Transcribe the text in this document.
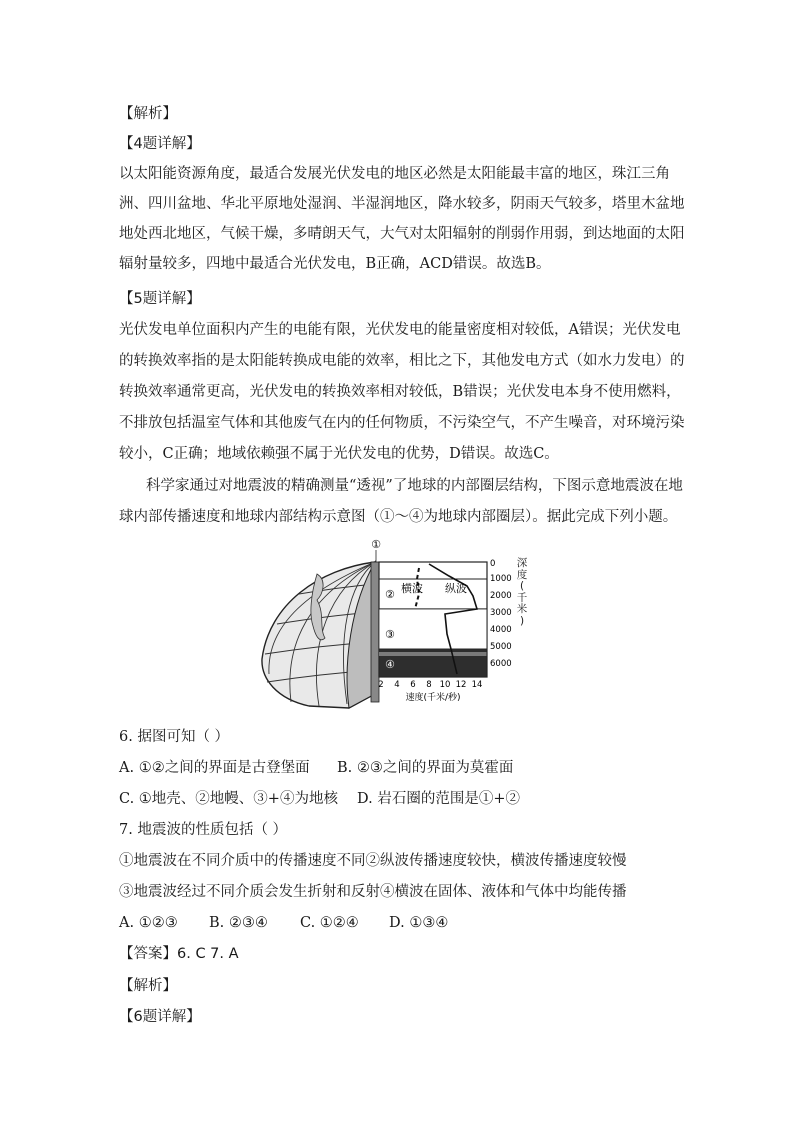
【解析】
【4题详解】
以太阳能资源角度，最适合发展光伏发电的地区必然是太阳能最丰富的地区，珠江三角
洲、四川盆地、华北平原地处湿润、半湿润地区，降水较多，阴雨天气较多，塔里木盆地
地处西北地区，气候干燥，多晴朗天气，大气对太阳辐射的削弱作用弱，到达地面的太阳
辐射量较多，四地中最适合光伏发电，B正确，ACD错误。故选B。
【5题详解】
光伏发电单位面积内产生的电能有限，光伏发电的能量密度相对较低，A错误；光伏发电
的转换效率指的是太阳能转换成电能的效率，相比之下，其他发电方式（如水力发电）的
转换效率通常更高，光伏发电的转换效率相对较低，B错误；光伏发电本身不使用燃料，
不排放包括温室气体和其他废气在内的任何物质，不污染空气，不产生噪音，对环境污染
较小，C正确；地域依赖强不属于光伏发电的优势，D错误。故选C。
科学家通过对地震波的精确测量“透视”了地球的内部圈层结构，下图示意地震波在地
球内部传播速度和地球内部结构示意图（①～④为地球内部圈层）。据此完成下列小题。
①
②
③
④
横波 纵波
0
1000
2000
3000
4000
5000
6000
2 4 6 8 10 12 14
速度(千米/秒)
深
度
(
千
米
)
6. 据图可知（ ）
A. ①②之间的界面是古登堡面 B. ②③之间的界面为莫霍面
C. ①地壳、②地幔、③+④为地核 D. 岩石圈的范围是①+②
7. 地震波的性质包括（ ）
①地震波在不同介质中的传播速度不同②纵波传播速度较快，横波传播速度较慢
③地震波经过不同介质会发生折射和反射④横波在固体、液体和气体中均能传播
A. ①②③ B. ②③④ C. ①②④ D. ①③④
【答案】6. C 7. A
【解析】
【6题详解】
